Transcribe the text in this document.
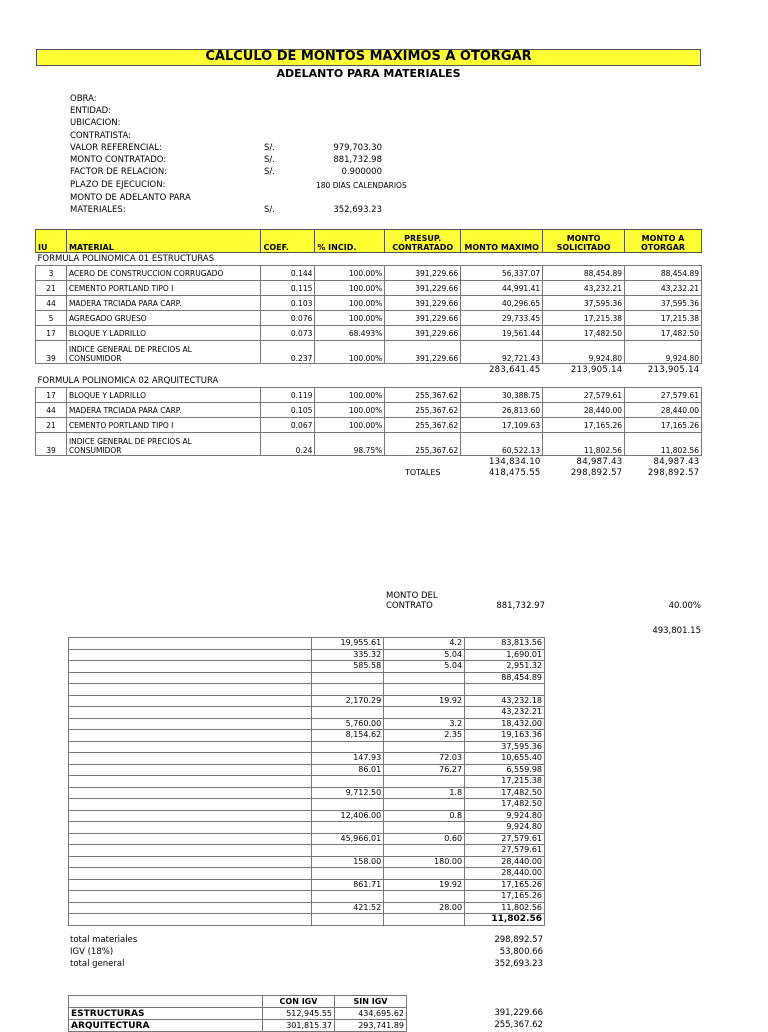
CALCULO DE MONTOS MAXIMOS A OTORGAR
ADELANTO PARA MATERIALES
OBRA:
ENTIDAD:
UBICACION:
CONTRATISTA:
VALOR REFERENCIAL:	S/.	979,703.30
MONTO CONTRATADO:	S/.	881,732.98
FACTOR DE RELACION:	S/.	0.900000
PLAZO DE EJECUCION:	180 DIAS CALENDARIOS
MONTO DE ADELANTO PARA
MATERIALES:	S/.	352,693.23
IU	MATERIAL	COEF.	% INCID.	PRESUP.
CONTRATADO	MONTO MAXIMO	MONTO
SOLICITADO	MONTO A
OTORGAR
FORMULA POLINOMICA 01 ESTRUCTURAS							
3	ACERO DE CONSTRUCCION CORRUGADO	0.144	100.00%	391,229.66	56,337.07	88,454.89	88,454.89
21	CEMENTO PORTLAND TIPO I	0.115	100.00%	391,229.66	44,991.41	43,232.21	43,232.21
44	MADERA TRCIADA PARA CARP.	0.103	100.00%	391,229.66	40,296.65	37,595.36	37,595.36
5	AGREGADO GRUESO	0.076	100.00%	391,229.66	29,733.45	17,215.38	17,215.38
17	BLOQUE Y LADRILLO	0.073	68.493%	391,229.66	19,561.44	17,482.50	17,482.50
39	INDICE GENERAL DE PRECIOS AL
CONSUMIDOR	0.237	100.00%	391,229.66	92,721.43	9,924.80	9,924.80
					283,641.45	213,905.14	213,905.14
FORMULA POLINOMICA 02 ARQUITECTURA							
17	BLOQUE Y LADRILLO	0.119	100.00%	255,367.62	30,388.75	27,579.61	27,579.61
44	MADERA TRCIADA PARA CARP.	0.105	100.00%	255,367.62	26,813.60	28,440.00	28,440.00
21	CEMENTO PORTLAND TIPO I	0.067	100.00%	255,367.62	17,109.63	17,165.26	17,165.26
39	INDICE GENERAL DE PRECIOS AL
CONSUMIDOR	0.24	98.75%	255,367.62	60,522.13	11,802.56	11,802.56
					134,834.10	84,987.43	84,987.43
				TOTALES	418,475.55	298,892.57	298,892.57
MONTO DEL
CONTRATO	881,732.97	40.00%
493,801.15
	19,955.61	4.2	83,813.56
	335.32	5.04	1,690.01
	585.58	5.04	2,951.32
			88,454.89

	2,170.29	19.92	43,232.18
			43,232.21
	5,760.00	3.2	18,432.00
	8,154.62	2.35	19,163.36
			37,595.36
	147.93	72.03	10,655.40
	86.01	76.27	6,559.98
			17,215.38
	9,712.50	1.8	17,482.50
			17,482.50
	12,406.00	0.8	9,924.80
			9,924.80
	45,966.01	0.60	27,579.61
			27,579.61
	158.00	180.00	28,440.00
			28,440.00
	861.71	19.92	17,165.26
			17,165.26
	421.52	28.00	11,802.56
			11,802.56
total materiales	298,892.57
IGV (18%)	53,800.66
total general	352,693.23
	CON IGV	SIN IGV
ESTRUCTURAS	512,945.55	434,695.62
ARQUITECTURA	301,815.37	293,741.89
391,229.66
255,367.62
